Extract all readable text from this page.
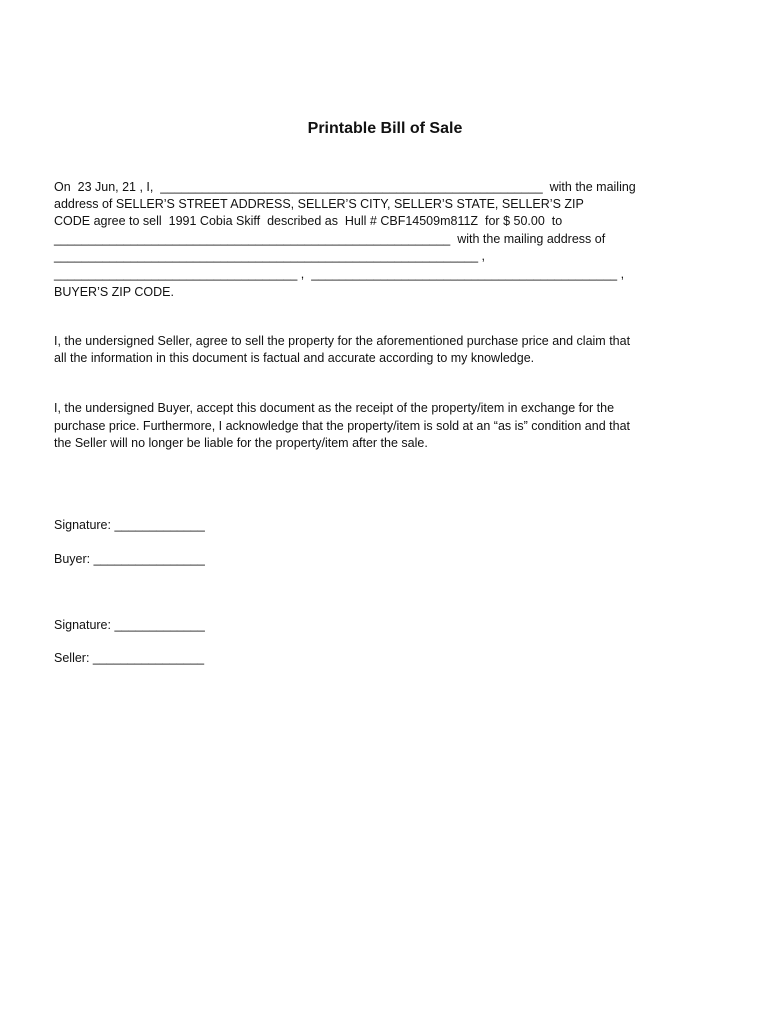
Printable Bill of Sale

On  23 Jun, 21 , I,  _______________________________________________________  with the mailing

address of SELLER’S STREET ADDRESS, SELLER’S CITY, SELLER’S STATE, SELLER’S ZIP

CODE agree to sell  1991 Cobia Skiff  described as  Hull # CBF14509m811Z  for $ 50.00  to

_________________________________________________________  with the mailing address of

_____________________________________________________________ ,

___________________________________ ,  ____________________________________________ ,

BUYER’S ZIP CODE.

I, the undersigned Seller, agree to sell the property for the aforementioned purchase price and claim that

all the information in this document is factual and accurate according to my knowledge.

I, the undersigned Buyer, accept this document as the receipt of the property/item in exchange for the

purchase price. Furthermore, I acknowledge that the property/item is sold at an “as is” condition and that

the Seller will no longer be liable for the property/item after the sale.

Signature: _____________

Buyer: ________________

Signature: _____________

Seller: ________________
